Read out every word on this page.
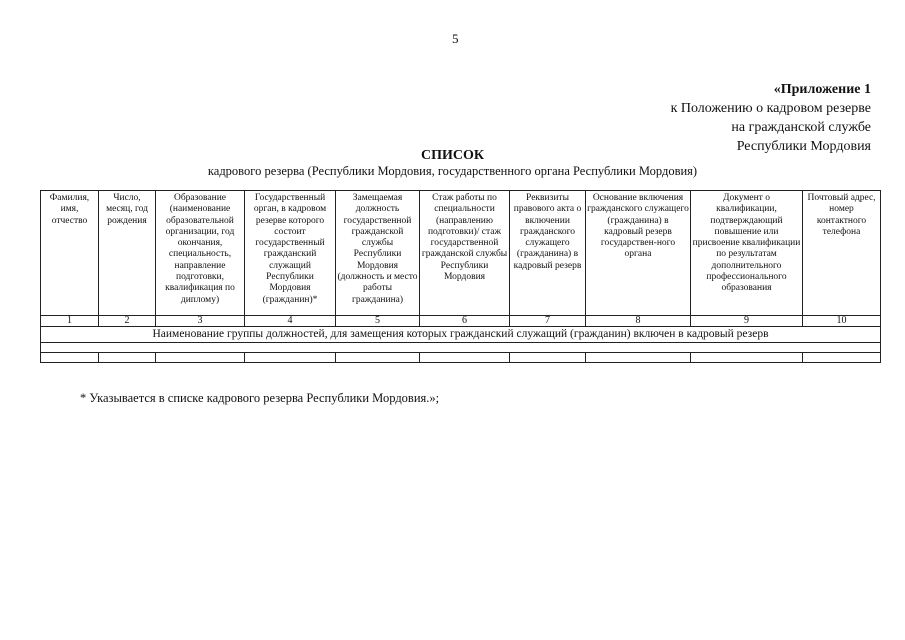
5
«Приложение 1
к Положению о кадровом резерве
на гражданской службе
Республики Мордовия
СПИСОК
кадрового резерва (Республики Мордовия, государственного органа Республики Мордовия)
Фамилия, имя, отчество	Число, месяц, год рождения	Образование (наименование образовательной организации, год окончания, специальность, направление подготовки, квалификация по диплому)	Государственный орган, в кадровом резерве которого состоит государственный гражданский служащий Республики Мордовия (гражданин)*	Замещаемая должность государственной гражданской службы Республики Мордовия (должность и место работы гражданина)	Стаж работы по специальности (направлению подготовки)/ стаж государственной гражданской службы Республики Мордовия	Реквизиты правового акта о включении гражданского служащего (гражданина) в кадровый резерв	Основание включения гражданского служащего (гражданина) в кадровый резерв государствен-ного органа	Документ о квалификации, подтверждающий повышение или присвоение квалификации по результатам дополнительного профессионального образования	Почтовый адрес, номер контактного телефона
1	2	3	4	5	6	7	8	9	10
Наименование группы должностей, для замещения которых гражданский служащий (гражданин) включен в кадровый резерв									

* Указывается в списке кадрового резерва Республики Мордовия.»;
